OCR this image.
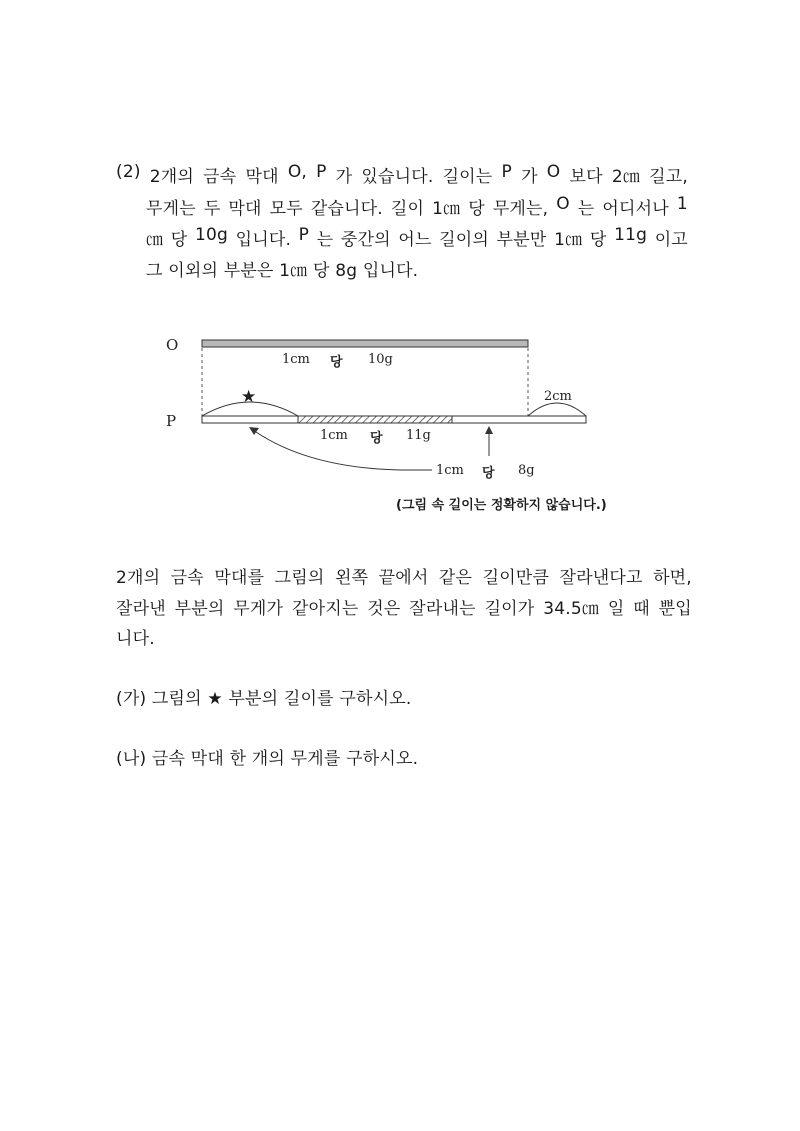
(2) 2개의 금속 막대 O, P 가 있습니다. 길이는 P 가 O 보다 2㎝ 길고,
무게는 두 막대 모두 같습니다. 길이 1㎝ 당 무게는, O 는 어디서나 1
㎝ 당 10g 입니다. P 는 중간의 어느 길이의 부분만 1㎝ 당 11g 이고
그 이외의 부분은 1㎝ 당 8g 입니다.
O
1cm 당 10g
★	2cm
P
1cm 당 11g
1cm 당 8g
(그림 속 길이는 정확하지 않습니다.)
2개의 금속 막대를 그림의 왼쪽 끝에서 같은 길이만큼 잘라낸다고 하면,
잘라낸 부분의 무게가 같아지는 것은 잘라내는 길이가 34.5㎝ 일 때 뿐입
니다.
(가) 그림의 ★ 부분의 길이를 구하시오.
(나) 금속 막대 한 개의 무게를 구하시오.
